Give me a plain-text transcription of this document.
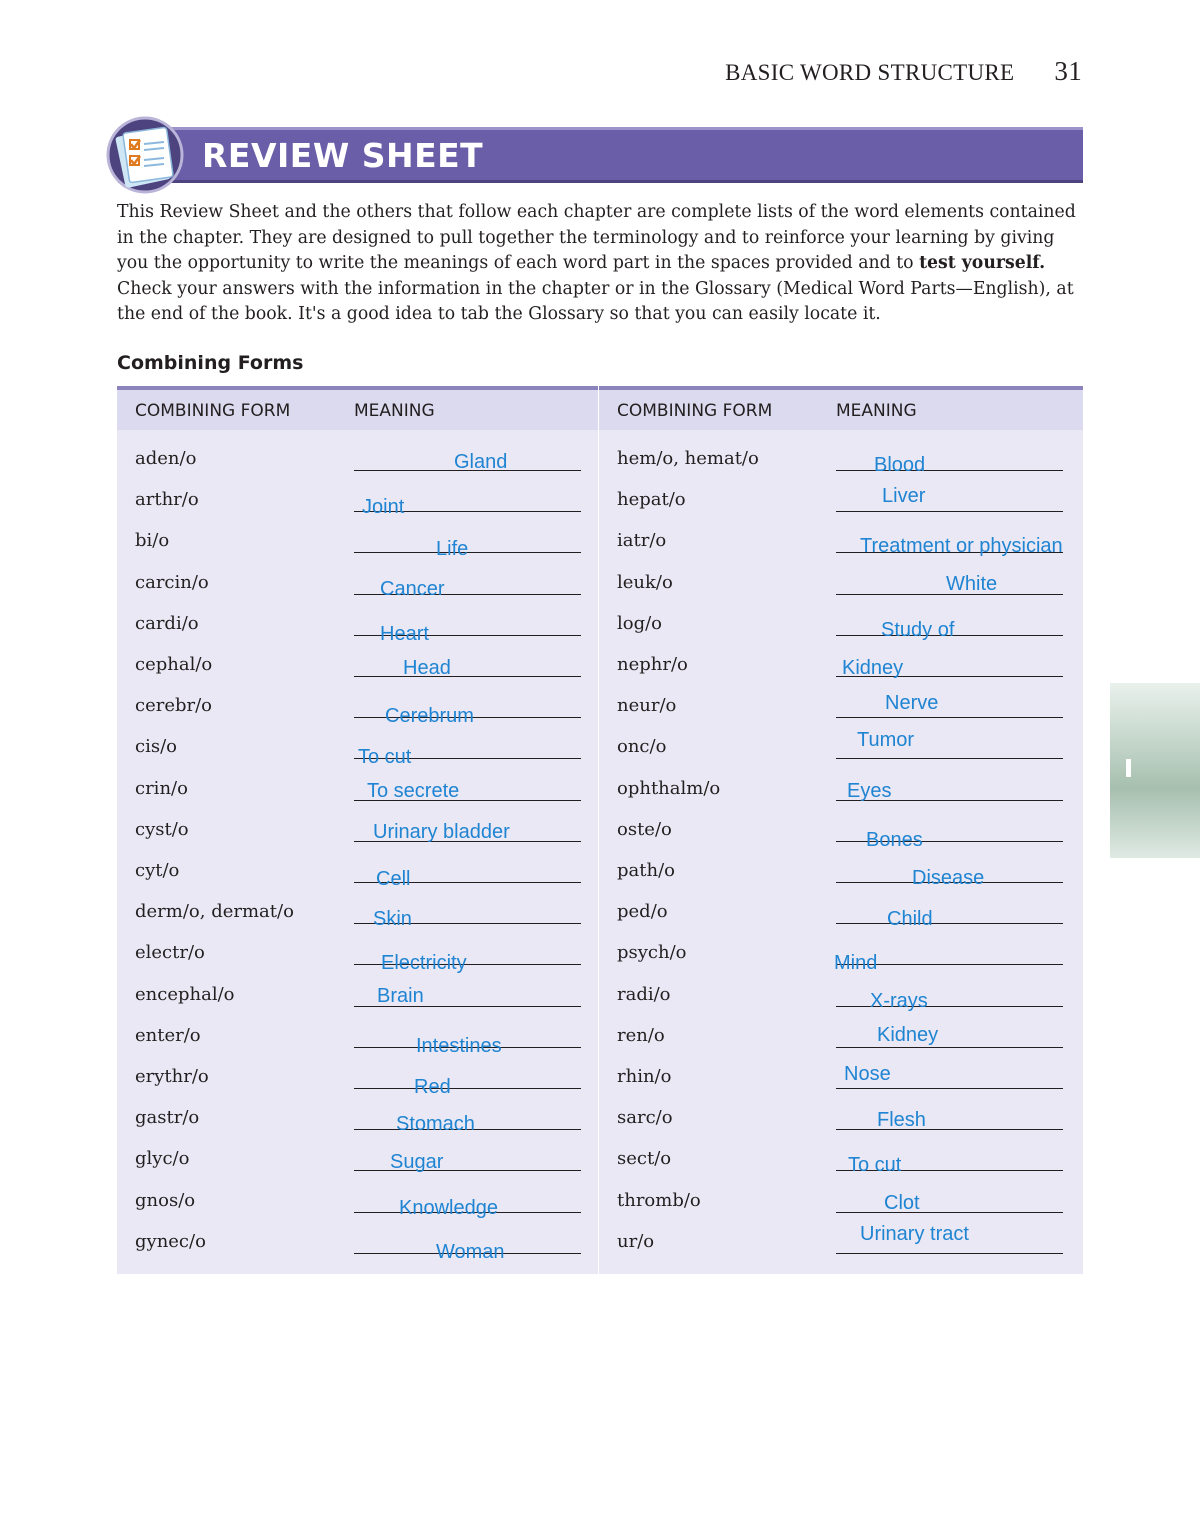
BASIC WORD STRUCTURE 31
REVIEW SHEET
This Review Sheet and the others that follow each chapter are complete lists of the word elements contained in the chapter. They are designed to pull together the terminology and to reinforce your learning by giving you the opportunity to write the meanings of each word part in the spaces provided and to test yourself. Check your answers with the information in the chapter or in the Glossary (Medical Word Parts—English), at the end of the book. It's a good idea to tab the Glossary so that you can easily locate it.
Combining Forms
COMBINING FORM	MEANING
aden/o	Gland
arthr/o	Joint
bi/o	Life
carcin/o	Cancer
cardi/o	Heart
cephal/o	Head
cerebr/o	Cerebrum
cis/o	To cut
crin/o	To secrete
cyst/o	Urinary bladder
cyt/o	Cell
derm/o, dermat/o	Skin
electr/o	Electricity
encephal/o	Brain
enter/o	Intestines
erythr/o	Red
gastr/o	Stomach
glyc/o	Sugar
gnos/o	Knowledge
gynec/o	Woman
COMBINING FORM	MEANING
hem/o, hemat/o	Blood
hepat/o	Liver
iatr/o	Treatment or physician
leuk/o	White
log/o	Study of
nephr/o	Kidney
neur/o	Nerve
onc/o	Tumor
ophthalm/o	Eyes
oste/o	Bones
path/o	Disease
ped/o	Child
psych/o	Mind
radi/o	X-rays
ren/o	Kidney
rhin/o	Nose
sarc/o	Flesh
sect/o	To cut
thromb/o	Clot
ur/o	Urinary tract
